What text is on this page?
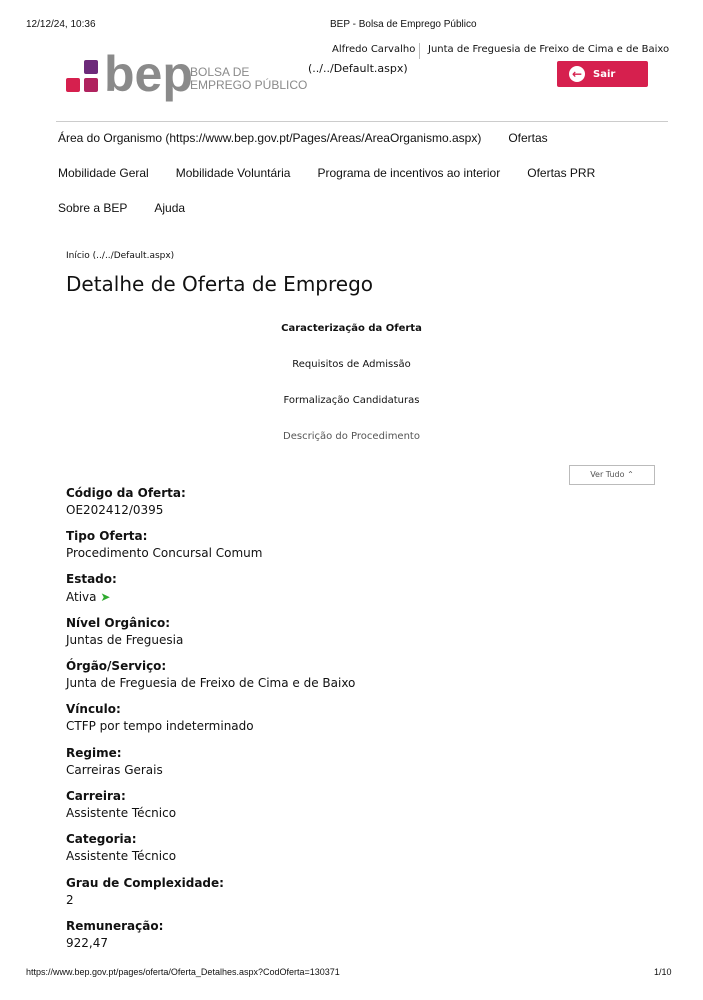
12/12/24, 10:36	BEP - Bolsa de Emprego Público
bep
BOLSA DE
EMPREGO PÚBLICO
(../../Default.aspx)
Alfredo Carvalho Junta de Freguesia de Freixo de Cima e de Baixo
← Sair
Área do Organismo (https://www.bep.gov.pt/Pages/Areas/AreaOrganismo.aspx) Ofertas
Mobilidade Geral Mobilidade Voluntária Programa de incentivos ao interior Ofertas PRR
Sobre a BEP Ajuda
Início (../../Default.aspx)
Detalhe de Oferta de Emprego
Caracterização da Oferta
Requisitos de Admissão
Formalização Candidaturas
Descrição do Procedimento
Ver Tudo ⌃
Código da Oferta:
OE202412/0395
Tipo Oferta:
Procedimento Concursal Comum
Estado:
Ativa ➤
Nível Orgânico:
Juntas de Freguesia
Órgão/Serviço:
Junta de Freguesia de Freixo de Cima e de Baixo
Vínculo:
CTFP por tempo indeterminado
Regime:
Carreiras Gerais
Carreira:
Assistente Técnico
Categoria:
Assistente Técnico
Grau de Complexidade:
2
Remuneração:
922,47
https://www.bep.gov.pt/pages/oferta/Oferta_Detalhes.aspx?CodOferta=130371	1/10
